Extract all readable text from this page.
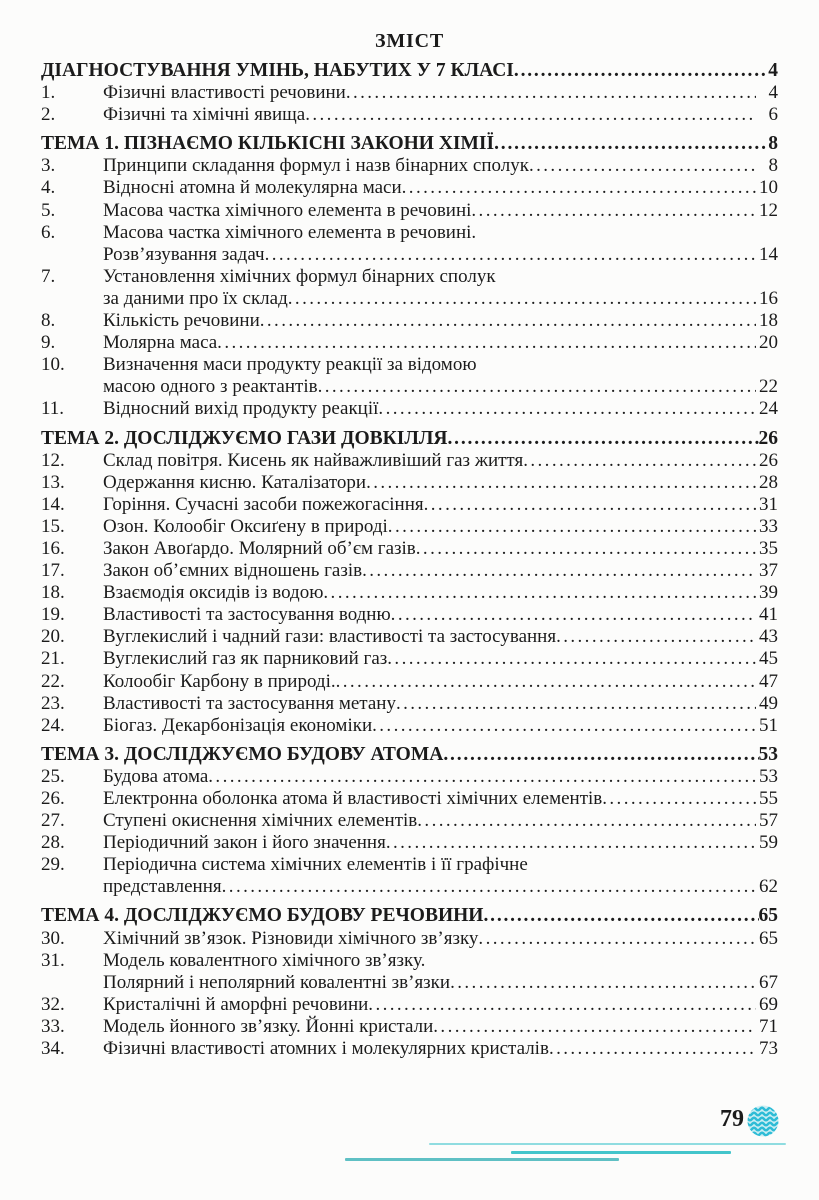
ЗМІСТ
ДІАГНОСТУВАННЯ УМІНЬ, НАБУТИХ У 7 КЛАСІ .....	4
1.	Фізичні властивості речовини .....	4
2.	Фізичні та хімічні явища .....	6
ТЕМА 1. ПІЗНАЄМО КІЛЬКІСНІ ЗАКОНИ ХІМІЇ .....	8
3.	Принципи складання формул і назв бінарних сполук .....	8
4.	Відносні атомна й молекулярна маси .....	10
5.	Масова частка хімічного елемента в речовині .....	12
6.	Масова частка хімічного елемента в речовині.
Розв’язування задач .....	14
7.	Установлення хімічних формул бінарних сполук
за даними про їх склад .....	16
8.	Кількість речовини .....	18
9.	Молярна маса .....	20
10.	Визначення маси продукту реакції за відомою
масою одного з реактантів .....	22
11.	Відносний вихід продукту реакції .....	24
ТЕМА 2. ДОСЛІДЖУЄМО ГАЗИ ДОВКІЛЛЯ .....	26
12.	Склад повітря. Кисень як найважливіший газ життя .....	26
13.	Одержання кисню. Каталізатори .....	28
14.	Горіння. Сучасні засоби пожежогасіння .....	31
15.	Озон. Колообіг Оксиґену в природі .....	33
16.	Закон Авоґардо. Молярний об’єм газів .....	35
17.	Закон об’ємних відношень газів .....	37
18.	Взаємодія оксидів із водою .....	39
19.	Властивості та застосування водню .....	41
20.	Вуглекислий і чадний гази: властивості та застосування .....	43
21.	Вуглекислий газ як парниковий газ .....	45
22.	Колообіг Карбону в природі. .....	47
23.	Властивості та застосування метану .....	49
24.	Біогаз. Декарбонізація економіки .....	51
ТЕМА 3. ДОСЛІДЖУЄМО БУДОВУ АТОМА .....	53
25.	Будова атома .....	53
26.	Електронна оболонка атома й властивості хімічних елементів .....	55
27.	Ступені окиснення хімічних елементів .....	57
28.	Періодичний закон і його значення .....	59
29.	Періодична система хімічних елементів і її графічне
представлення .....	62
ТЕМА 4. ДОСЛІДЖУЄМО БУДОВУ РЕЧОВИНИ .....	65
30.	Хімічний зв’язок. Різновиди хімічного зв’язку .....	65
31.	Модель ковалентного хімічного зв’язку.
Полярний і неполярний ковалентні зв’язки .....	67
32.	Кристалічні й аморфні речовини .....	69
33.	Модель йонного зв’язку. Йонні кристали .....	71
34.	Фізичні властивості атомних і молекулярних кристалів .....	73
79
